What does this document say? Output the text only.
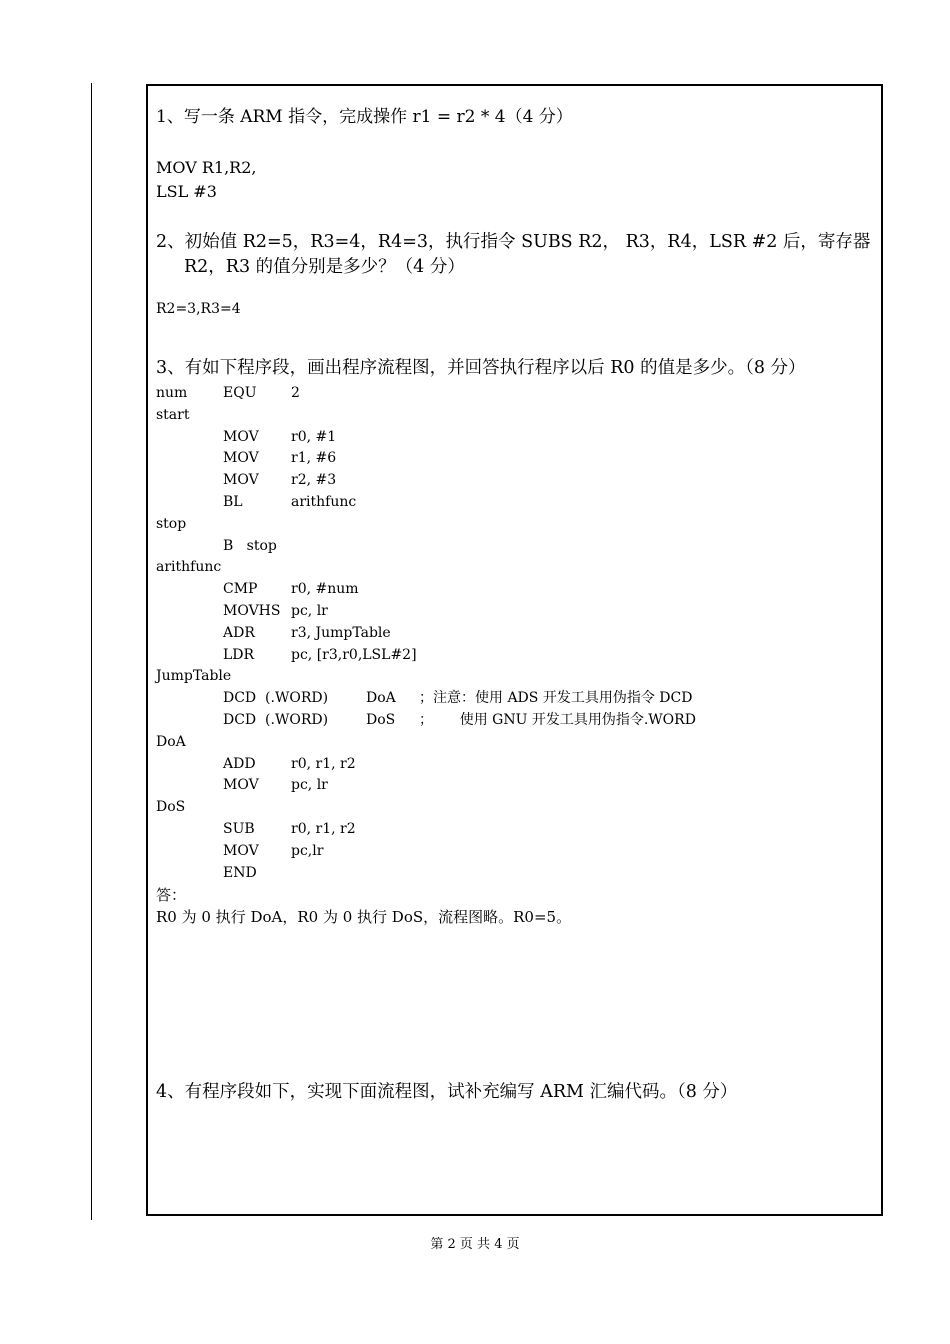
1、写一条 ARM 指令，完成操作 r1 = r2 * 4（4 分）
MOV R1,R2,
LSL #3
2、初始值 R2=5，R3=4，R4=3，执行指令 SUBS R2， R3，R4，LSR #2 后，寄存器
R2，R3 的值分别是多少？（4 分）
R2=3,R3=4
3、有如下程序段，画出程序流程图，并回答执行程序以后 R0 的值是多少。（8 分）
num	EQU 2
start
MOV r0, #1
MOV r1, #6
MOV r2, #3
BL	arithfunc
stop
B   stop
arithfunc
CMP r0, #num
MOVHS pc, lr
ADR	r3, JumpTable
LDR	pc, [r3,r0,LSL#2]
JumpTable
DCD  (.WORD)	DoA ；注意：使用 ADS 开发工具用伪指令 DCD
DCD  (.WORD)	DoS ；      使用 GNU 开发工具用伪指令.WORD
DoA
ADD	r0, r1, r2
MOV pc, lr
DoS
SUB	r0, r1, r2
MOV pc,lr
END
答：
R0 为 0 执行 DoA，R0 为 0 执行 DoS，流程图略。R0=5。
4、有程序段如下，实现下面流程图，试补充编写 ARM 汇编代码。（8 分）
第 2 页 共 4 页
